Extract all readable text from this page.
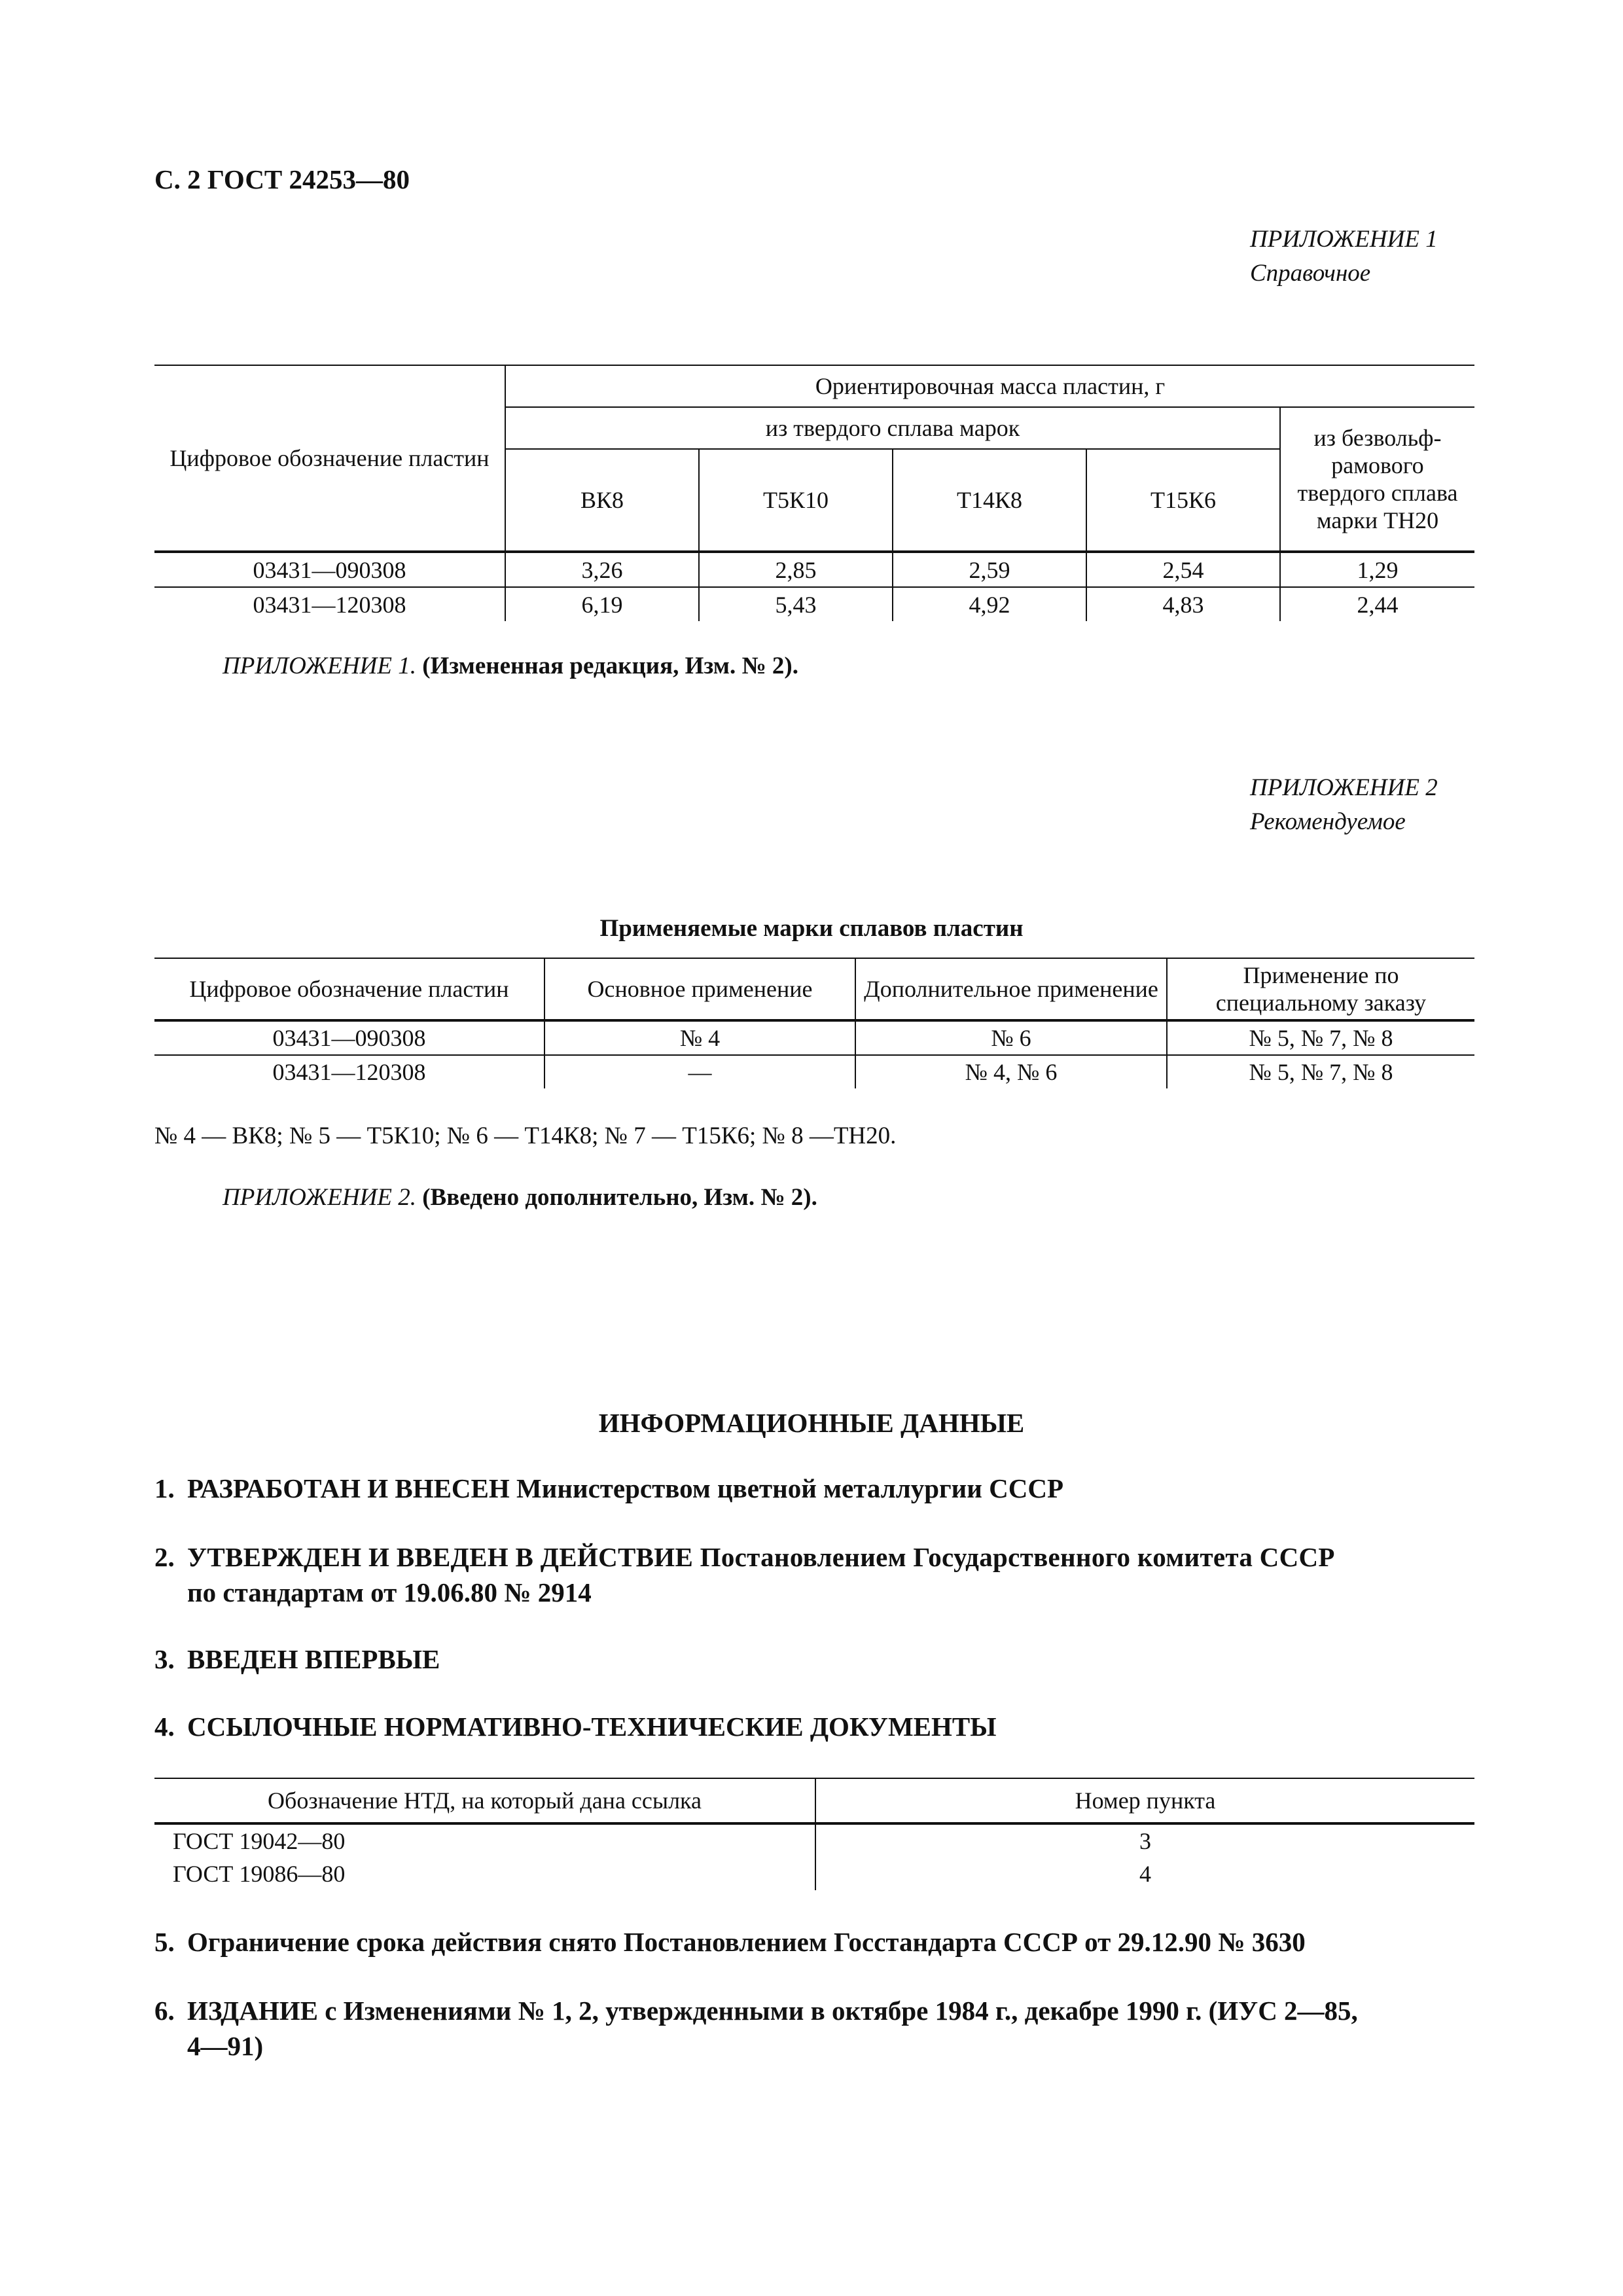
С. 2 ГОСТ 24253—80
ПРИЛОЖЕНИЕ 1
Справочное
Цифровое обозначение пластин	Ориентировочная масса пластин, г				
	из твердого сплава марок				из безвольф-рамового твердого сплава марки ТН20
	ВК8	Т5К10	Т14К8	Т15К6	
03431—090308	3,26	2,85	2,59	2,54	1,29
03431—120308	6,19	5,43	4,92	4,83	2,44
ПРИЛОЖЕНИЕ 1. (Измененная редакция, Изм. № 2).
ПРИЛОЖЕНИЕ 2
Рекомендуемое
Применяемые марки сплавов пластин
Цифровое обозначение пластин	Основное применение	Дополнительное применение	Применение по специальному заказу
03431—090308	№ 4	№ 6	№ 5, № 7, № 8
03431—120308	—	№ 4, № 6	№ 5, № 7, № 8
№ 4 — ВК8; № 5 — Т5К10; № 6 — Т14К8; № 7 — Т15К6; № 8 —ТН20.
ПРИЛОЖЕНИЕ 2. (Введено дополнительно, Изм. № 2).
ИНФОРМАЦИОННЫЕ ДАННЫЕ
1. РАЗРАБОТАН И ВНЕСЕН Министерством цветной металлургии СССР
2. УТВЕРЖДЕН И ВВЕДЕН В ДЕЙСТВИЕ Постановлением Государственного комитета СССР
по стандартам от 19.06.80 № 2914
3. ВВЕДЕН ВПЕРВЫЕ
4. ССЫЛОЧНЫЕ НОРМАТИВНО-ТЕХНИЧЕСКИЕ ДОКУМЕНТЫ
Обозначение НТД, на который дана ссылка	Номер пункта
ГОСТ 19042—80	3
ГОСТ 19086—80	4
5. Ограничение срока действия снято Постановлением Госстандарта СССР от 29.12.90 № 3630
6. ИЗДАНИЕ с Изменениями № 1, 2, утвержденными в октябре 1984 г., декабре 1990 г. (ИУС 2—85,
4—91)
